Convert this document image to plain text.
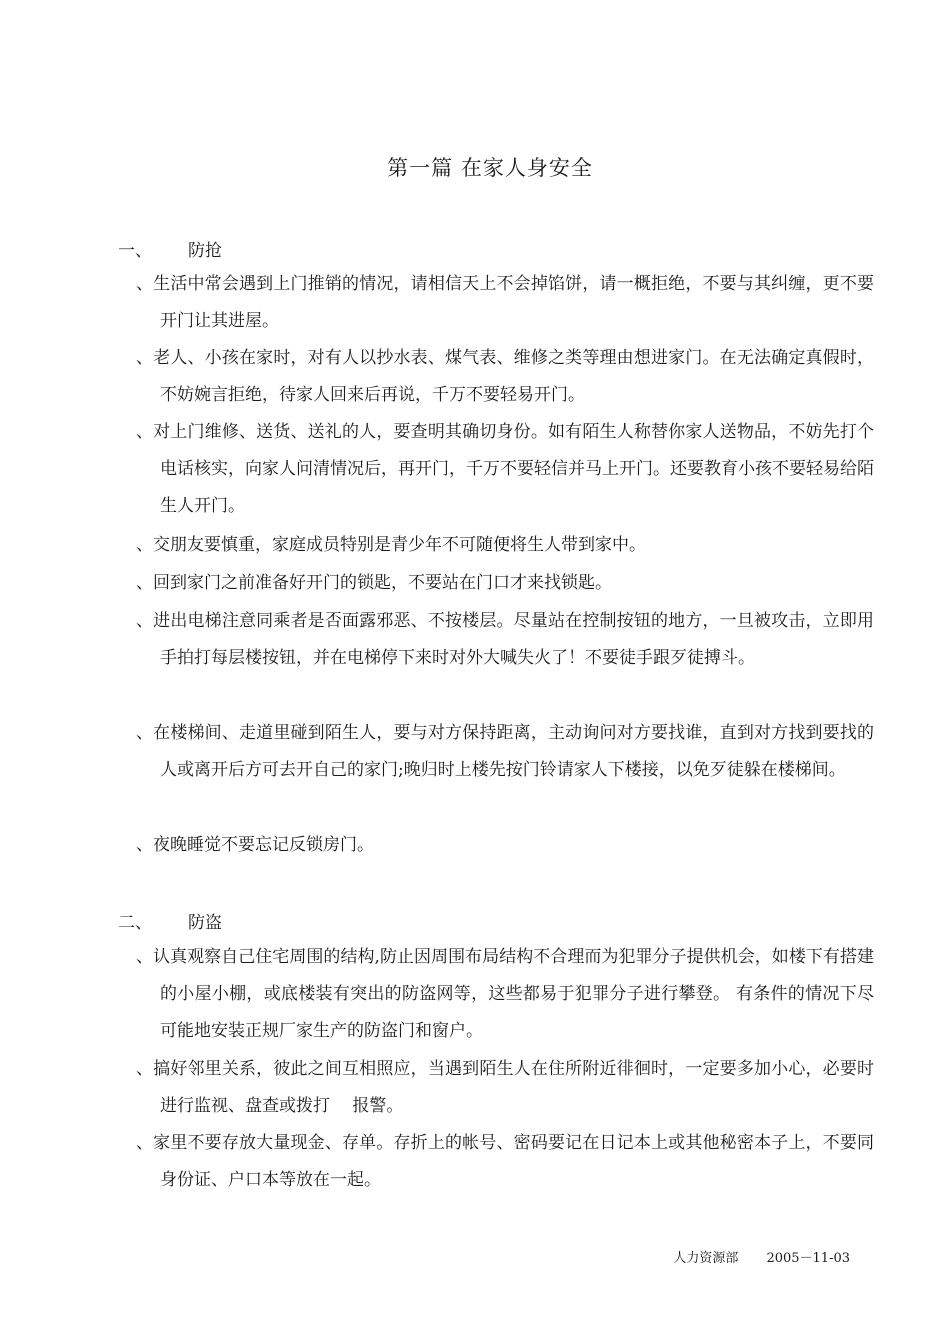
第一篇 在家人身安全
一、	防抢
、生活中常会遇到上门推销的情况，请相信天上不会掉馅饼，请一概拒绝，不要与其纠缠，更不要开门让其进屋。
、老人、小孩在家时，对有人以抄水表、煤气表、维修之类等理由想进家门。在无法确定真假时，不妨婉言拒绝，待家人回来后再说，千万不要轻易开门。
、对上门维修、送货、送礼的人，要查明其确切身份。如有陌生人称替你家人送物品，不妨先打个电话核实，向家人问清情况后，再开门，千万不要轻信并马上开门。还要教育小孩不要轻易给陌生人开门。
、交朋友要慎重，家庭成员特别是青少年不可随便将生人带到家中。
、回到家门之前准备好开门的锁匙，不要站在门口才来找锁匙。
、进出电梯注意同乘者是否面露邪恶、不按楼层。尽量站在控制按钮的地方，一旦被攻击，立即用手拍打每层楼按钮，并在电梯停下来时对外大喊失火了！不要徒手跟歹徒搏斗。
、在楼梯间、走道里碰到陌生人，要与对方保持距离，主动询问对方要找谁，直到对方找到要找的人或离开后方可去开自己的家门;晚归时上楼先按门铃请家人下楼接，以免歹徒躲在楼梯间。
、夜晚睡觉不要忘记反锁房门。
二、	防盗
、认真观察自己住宅周围的结构,防止因周围布局结构不合理而为犯罪分子提供机会，如楼下有搭建的小屋小棚，或底楼装有突出的防盗网等，这些都易于犯罪分子进行攀登。 有条件的情况下尽可能地安装正规厂家生产的防盗门和窗户。
、搞好邻里关系，彼此之间互相照应，当遇到陌生人在住所附近徘徊时，一定要多加小心，必要时进行监视、盘查或拨打　 报警。
、家里不要存放大量现金、存单。存折上的帐号、密码要记在日记本上或其他秘密本子上，不要同身份证、户口本等放在一起。
人力资源部 2005－11-03
